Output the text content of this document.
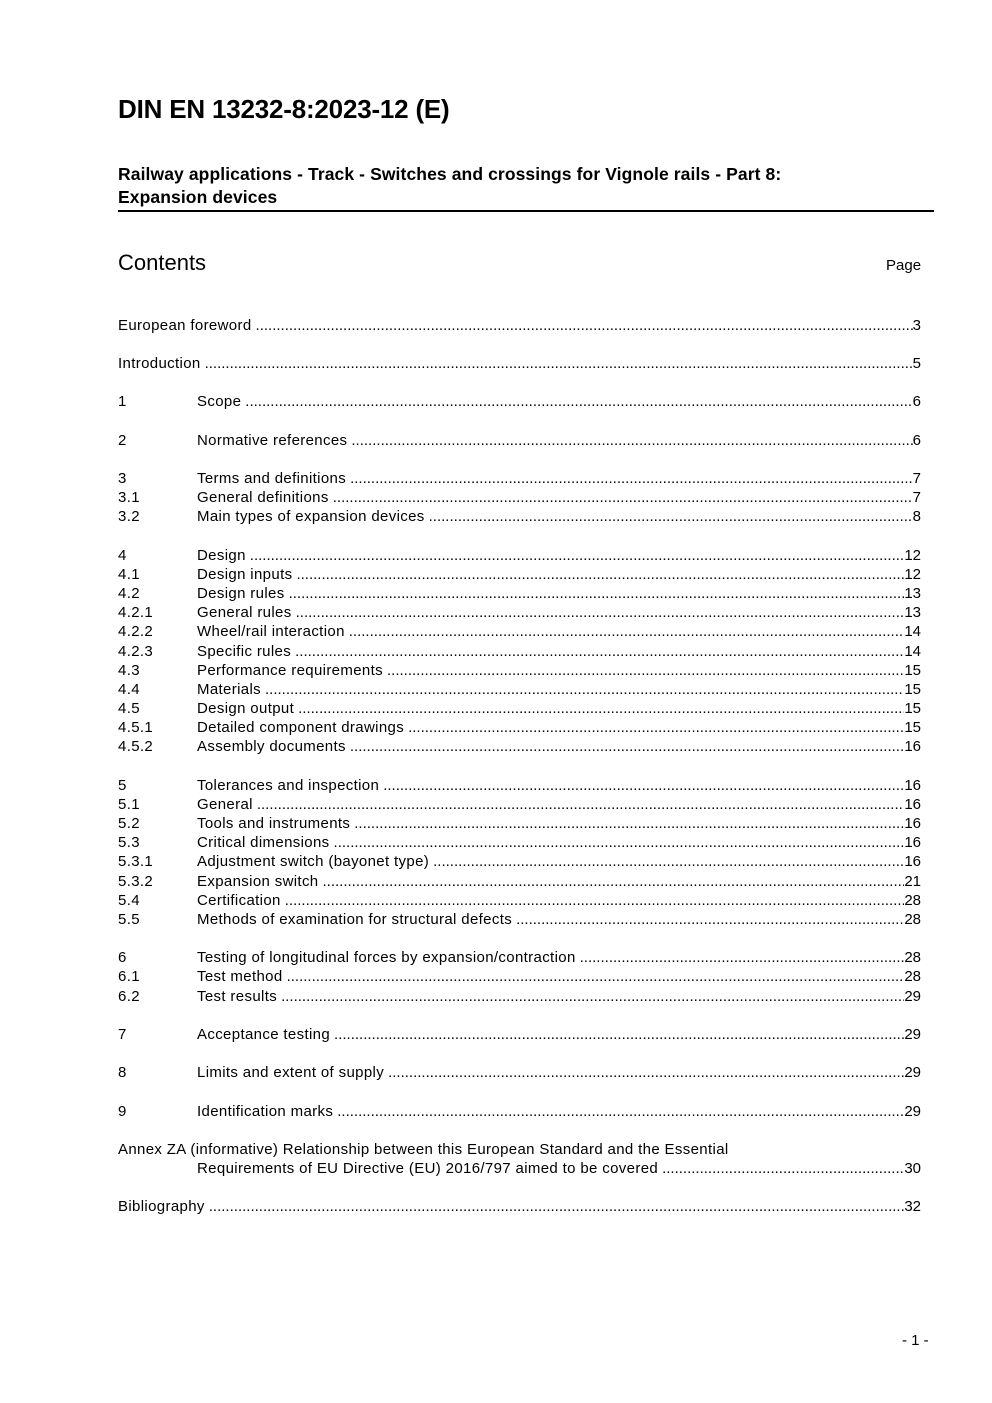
DIN EN 13232-8:2023-12 (E)
Railway applications - Track - Switches and crossings for Vignole rails - Part 8:
Expansion devices
Contents	Page
European foreword .....	3
Introduction .....	5
1	Scope .....	6
2	Normative references .....	6
3	Terms and definitions .....	7
3.1	General definitions .....	7
3.2	Main types of expansion devices .....	8
4	Design .....	12
4.1	Design inputs .....	12
4.2	Design rules .....	13
4.2.1	General rules .....	13
4.2.2	Wheel/rail interaction .....	14
4.2.3	Specific rules .....	14
4.3	Performance requirements .....	15
4.4	Materials .....	15
4.5	Design output .....	15
4.5.1	Detailed component drawings .....	15
4.5.2	Assembly documents .....	16
5	Tolerances and inspection .....	16
5.1	General .....	16
5.2	Tools and instruments .....	16
5.3	Critical dimensions .....	16
5.3.1	Adjustment switch (bayonet type) .....	16
5.3.2	Expansion switch .....	21
5.4	Certification .....	28
5.5	Methods of examination for structural defects .....	28
6	Testing of longitudinal forces by expansion/contraction .....	28
6.1	Test method .....	28
6.2	Test results .....	29
7	Acceptance testing .....	29
8	Limits and extent of supply .....	29
9	Identification marks .....	29
Annex ZA (informative) Relationship between this European Standard and the Essential
Requirements of EU Directive (EU) 2016/797 aimed to be covered .....	30
Bibliography .....	32
- 1 -
